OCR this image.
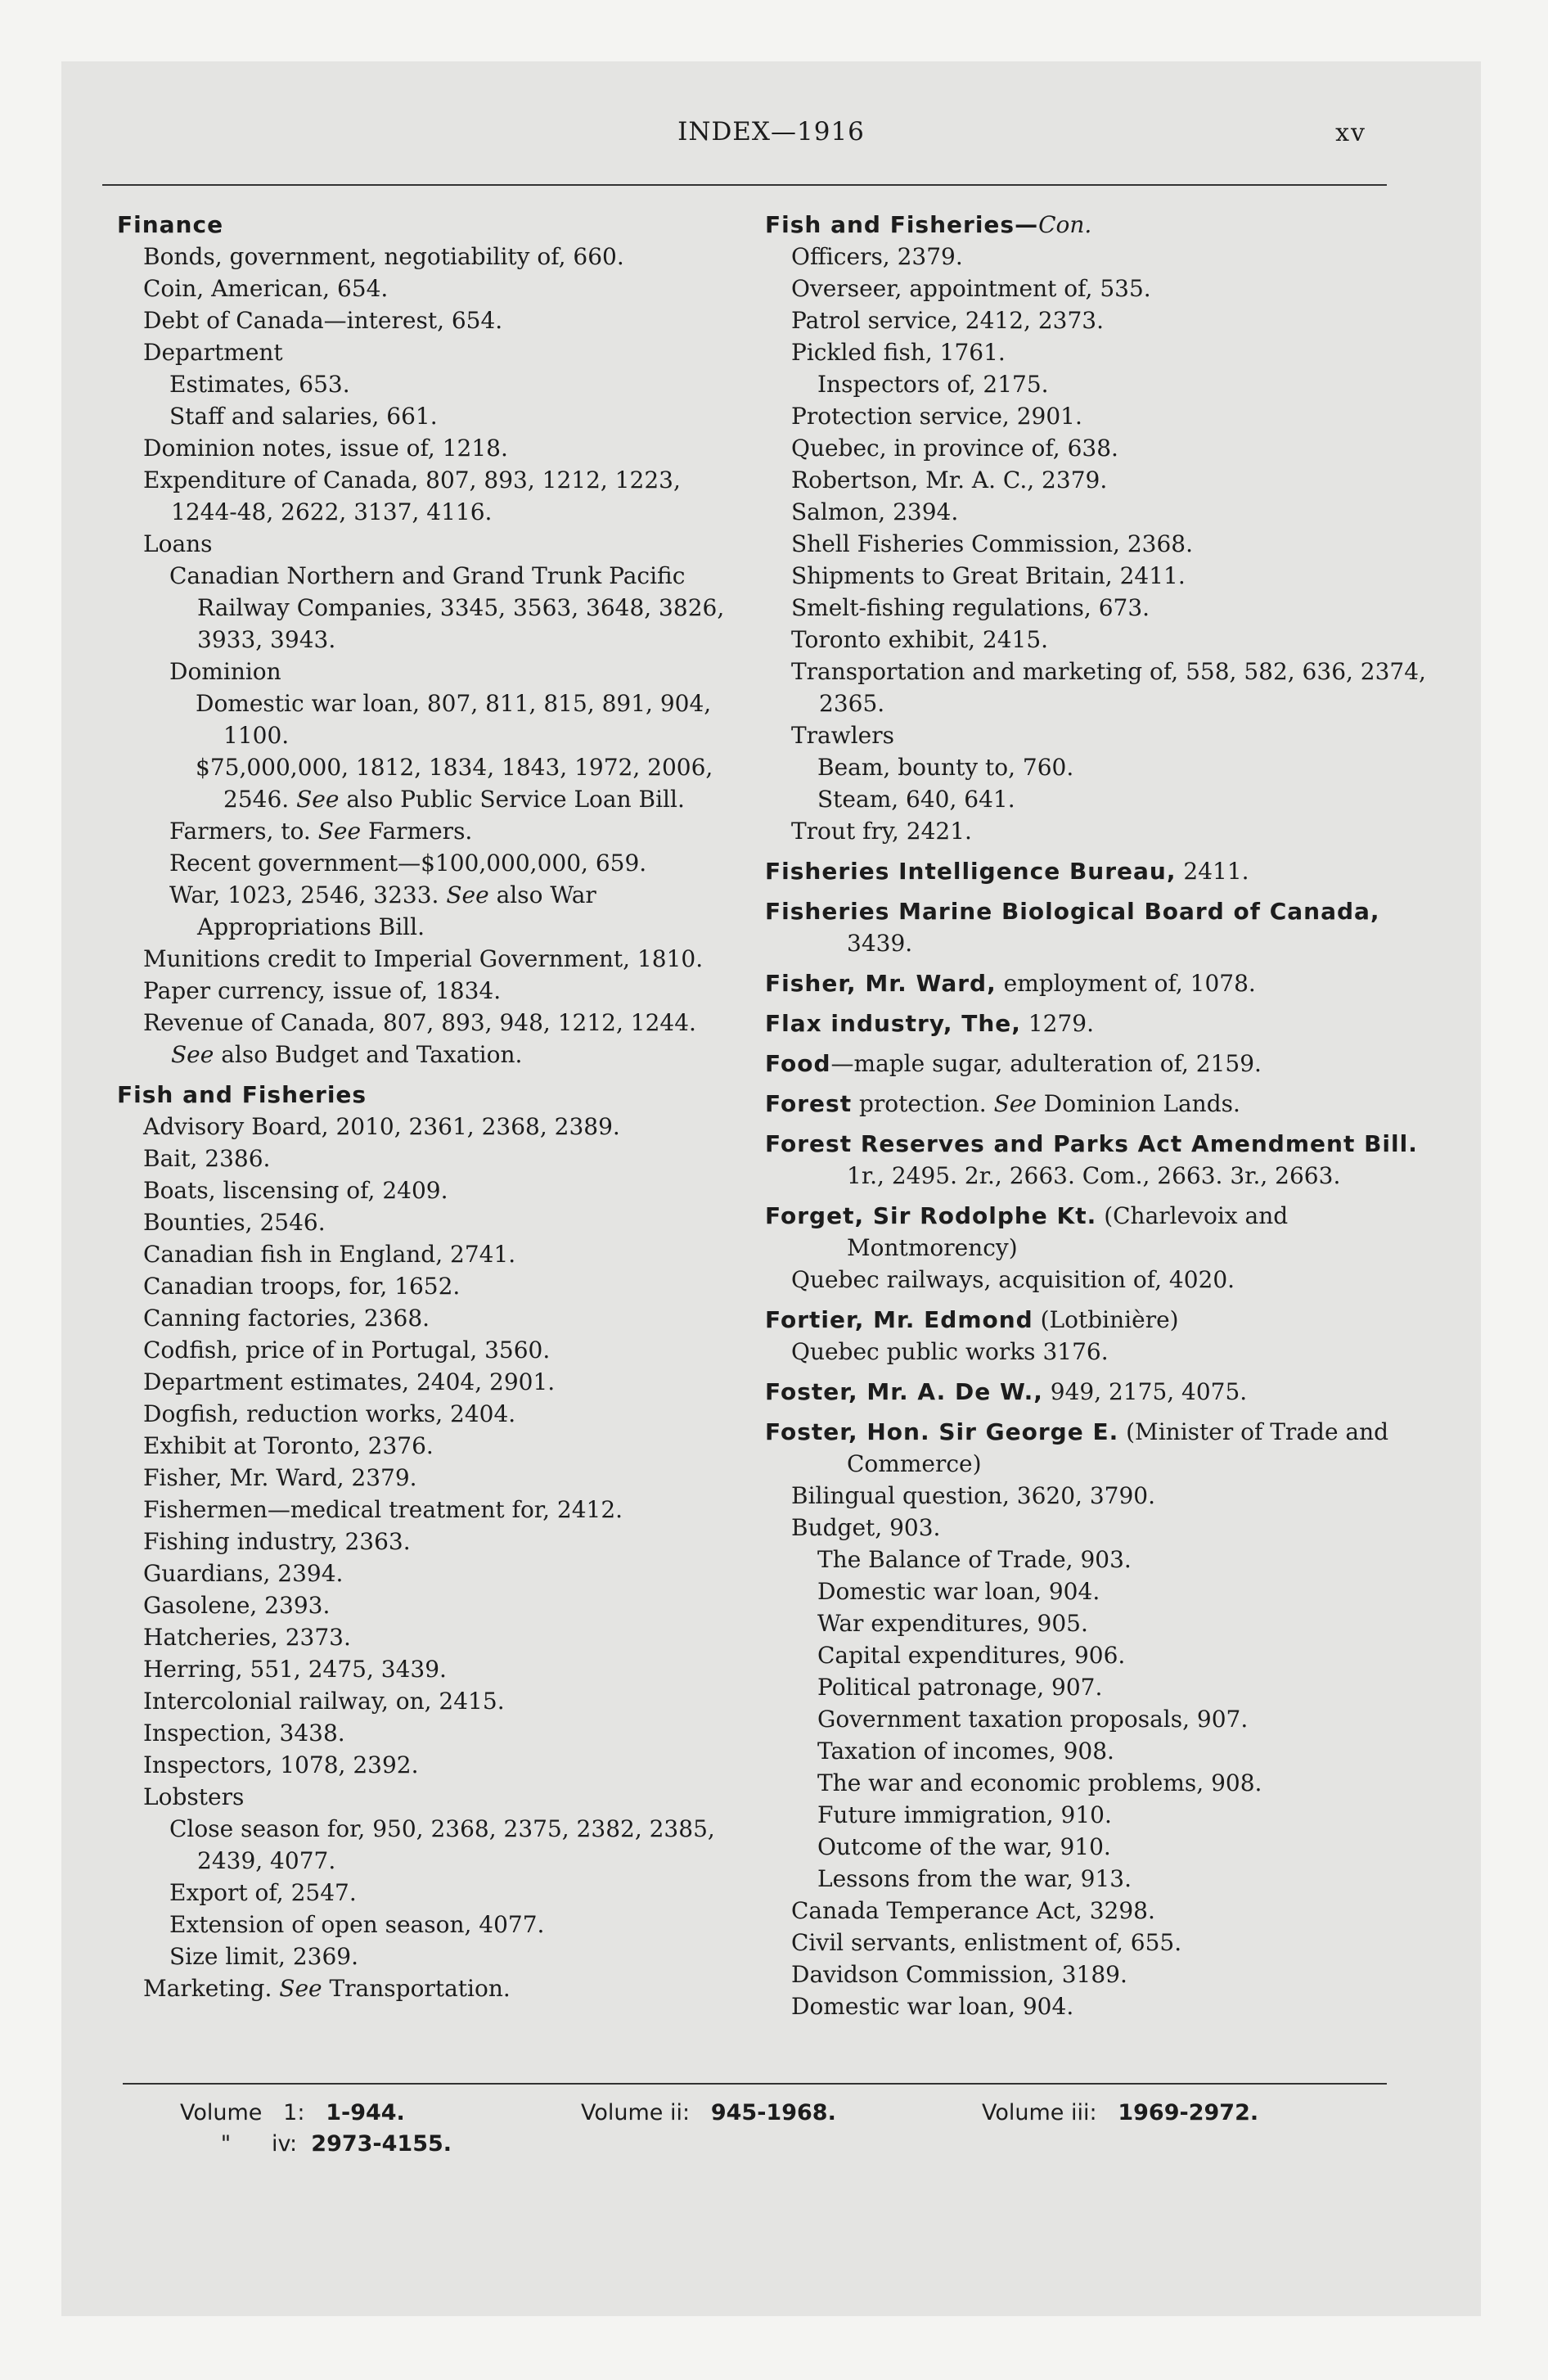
INDEX—1916	xv
Finance
Bonds, government, negotiability of, 660.
Coin, American, 654.
Debt of Canada—interest, 654.
Department
Estimates, 653.
Staff and salaries, 661.
Dominion notes, issue of, 1218.
Expenditure of Canada, 807, 893, 1212, 1223, 1244-48, 2622, 3137, 4116.
Loans
Canadian Northern and Grand Trunk Pacific Railway Companies, 3345, 3563, 3648, 3826, 3933, 3943.
Dominion
Domestic war loan, 807, 811, 815, 891, 904, 1100.
$75,000,000, 1812, 1834, 1843, 1972, 2006, 2546. See also Public Service Loan Bill.
Farmers, to. See Farmers.
Recent government—$100,000,000, 659.
War, 1023, 2546, 3233. See also War Appropriations Bill.
Munitions credit to Imperial Government, 1810.
Paper currency, issue of, 1834.
Revenue of Canada, 807, 893, 948, 1212, 1244. See also Budget and Taxation.
Fish and Fisheries
Advisory Board, 2010, 2361, 2368, 2389.
Bait, 2386.
Boats, liscensing of, 2409.
Bounties, 2546.
Canadian fish in England, 2741.
Canadian troops, for, 1652.
Canning factories, 2368.
Codfish, price of in Portugal, 3560.
Department estimates, 2404, 2901.
Dogfish, reduction works, 2404.
Exhibit at Toronto, 2376.
Fisher, Mr. Ward, 2379.
Fishermen—medical treatment for, 2412.
Fishing industry, 2363.
Guardians, 2394.
Gasolene, 2393.
Hatcheries, 2373.
Herring, 551, 2475, 3439.
Intercolonial railway, on, 2415.
Inspection, 3438.
Inspectors, 1078, 2392.
Lobsters
Close season for, 950, 2368, 2375, 2382, 2385, 2439, 4077.
Export of, 2547.
Extension of open season, 4077.
Size limit, 2369.
Marketing. See Transportation.
Fish and Fisheries—Con.
Officers, 2379.
Overseer, appointment of, 535.
Patrol service, 2412, 2373.
Pickled fish, 1761.
Inspectors of, 2175.
Protection service, 2901.
Quebec, in province of, 638.
Robertson, Mr. A. C., 2379.
Salmon, 2394.
Shell Fisheries Commission, 2368.
Shipments to Great Britain, 2411.
Smelt-fishing regulations, 673.
Toronto exhibit, 2415.
Transportation and marketing of, 558, 582, 636, 2374, 2365.
Trawlers
Beam, bounty to, 760.
Steam, 640, 641.
Trout fry, 2421.
Fisheries Intelligence Bureau, 2411.
Fisheries Marine Biological Board of Canada, 3439.
Fisher, Mr. Ward, employment of, 1078.
Flax industry, The, 1279.
Food—maple sugar, adulteration of, 2159.
Forest protection. See Dominion Lands.
Forest Reserves and Parks Act Amendment Bill. 1r., 2495. 2r., 2663. Com., 2663. 3r., 2663.
Forget, Sir Rodolphe Kt. (Charlevoix and Montmorency)
Quebec railways, acquisition of, 4020.
Fortier, Mr. Edmond (Lotbinière)
Quebec public works 3176.
Foster, Mr. A. De W., 949, 2175, 4075.
Foster, Hon. Sir George E. (Minister of Trade and Commerce)
Bilingual question, 3620, 3790.
Budget, 903.
The Balance of Trade, 903.
Domestic war loan, 904.
War expenditures, 905.
Capital expenditures, 906.
Political patronage, 907.
Government taxation proposals, 907.
Taxation of incomes, 908.
The war and economic problems, 908.
Future immigration, 910.
Outcome of the war, 910.
Lessons from the war, 913.
Canada Temperance Act, 3298.
Civil servants, enlistment of, 655.
Davidson Commission, 3189.
Domestic war loan, 904.
Volume 1: 1-944.	Volume ii: 945-1968.	Volume iii: 1969-2972.
" iv: 2973-4155.
